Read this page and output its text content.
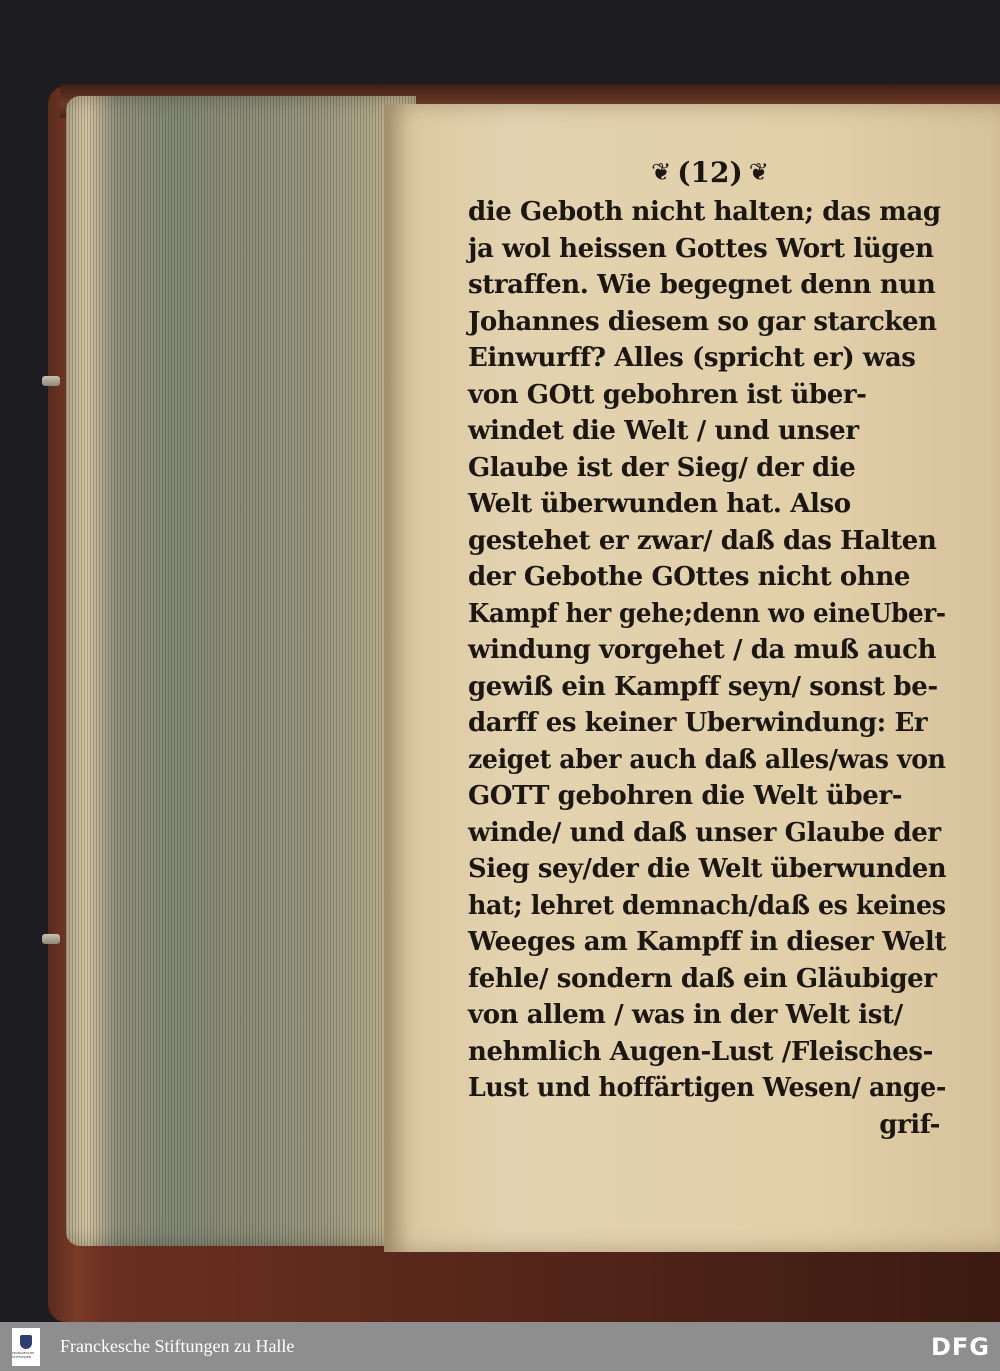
❦ (12) ❦
die Geboth nicht halten; das mag
ja wol heissen Gottes Wort lügen
straffen. Wie begegnet denn nun
Johannes diesem so gar starcken
Einwurff? Alles (spricht er) was
von GOtt gebohren ist über-
windet die Welt / und unser
Glaube ist der Sieg/ der die
Welt überwunden hat. Also
gestehet er zwar/ daß das Halten
der Gebothe GOttes nicht ohne
Kampf her gehe;denn wo eineUber-
windung vorgehet / da muß auch
gewiß ein Kampff seyn/ sonst be-
darff es keiner Uberwindung: Er
zeiget aber auch daß alles/was von
GOTT gebohren die Welt über-
winde/ und daß unser Glaube der
Sieg sey/der die Welt überwunden
hat; lehret demnach/daß es keines
Weeges am Kampff in dieser Welt
fehle/ sondern daß ein Gläubiger
von allem / was in der Welt ist/
nehmlich Augen-Lust /Fleisches-
Lust und hoffärtigen Wesen/ ange-
grif-
FRANCKESCHE STIFTUNGEN
Franckesche Stiftungen zu Halle	DFG
